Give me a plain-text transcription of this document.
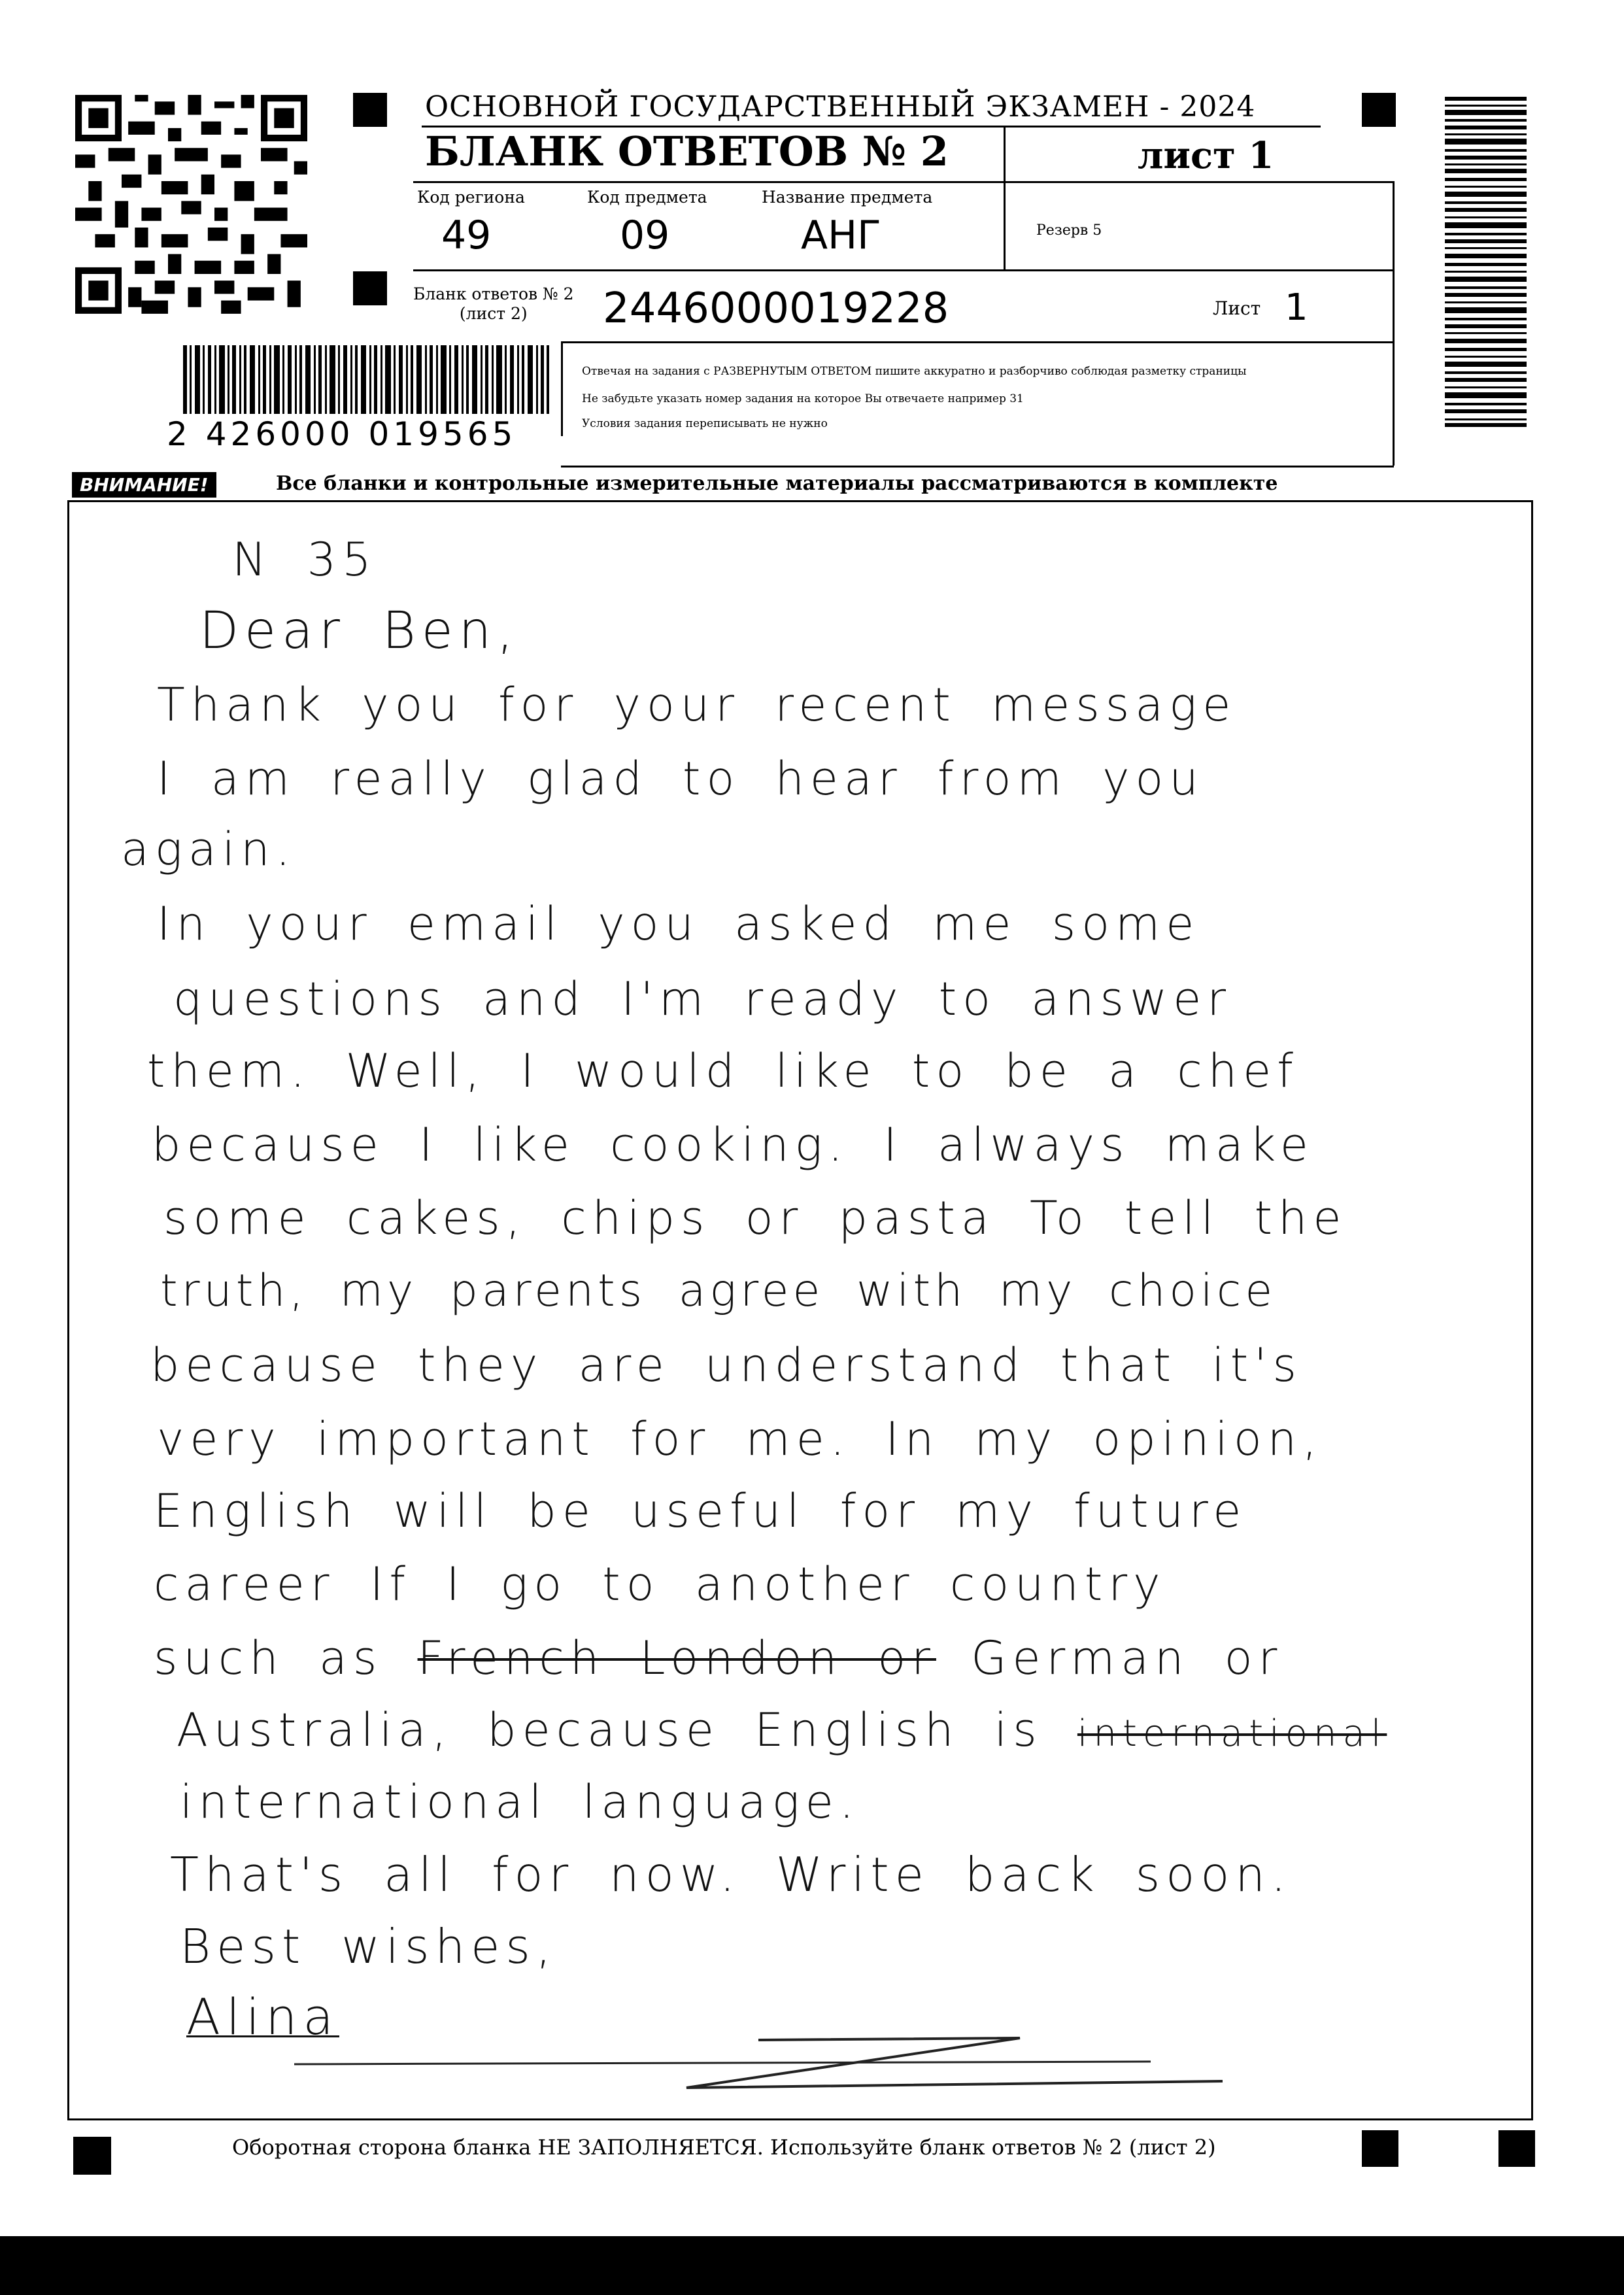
2 426000 019565
ОСНОВНОЙ ГОСУДАРСТВЕННЫЙ ЭКЗАМЕН - 2024
БЛАНК ОТВЕТОВ № 2	лист 1
Код региона
49
Код предмета
09
Название предмета
АНГ	Резерв 5
Бланк ответов № 2
(лист 2)	2446000019228	Лист 1
Отвечая на задания с РАЗВЕРНУТЫМ ОТВЕТОМ пишите аккуратно и разборчиво соблюдая разметку страницы
Не забудьте указать номер задания на которое Вы отвечаете например 31
Условия задания переписывать не нужно
ВНИМАНИЕ!	Все бланки и контрольные измерительные материалы рассматриваются в комплекте
N 35
Dear Ben,
Thank you for your recent message
I am really glad to hear from you
again.
In your email you asked me some
questions and I'm ready to answer
them. Well, I would like to be a chef
because I like cooking. I always make
some cakes, chips or pasta To tell the
truth, my parents agree with my choice
because they are understand that it's
very important for me. In my opinion,
English will be useful for my future
career If I go to another country
such as French London or German or
Australia, because English is international
international language.
That's all for now. Write back soon.
Best wishes,
Alina
Оборотная сторона бланка НЕ ЗАПОЛНЯЕТСЯ. Используйте бланк ответов № 2 (лист 2)
